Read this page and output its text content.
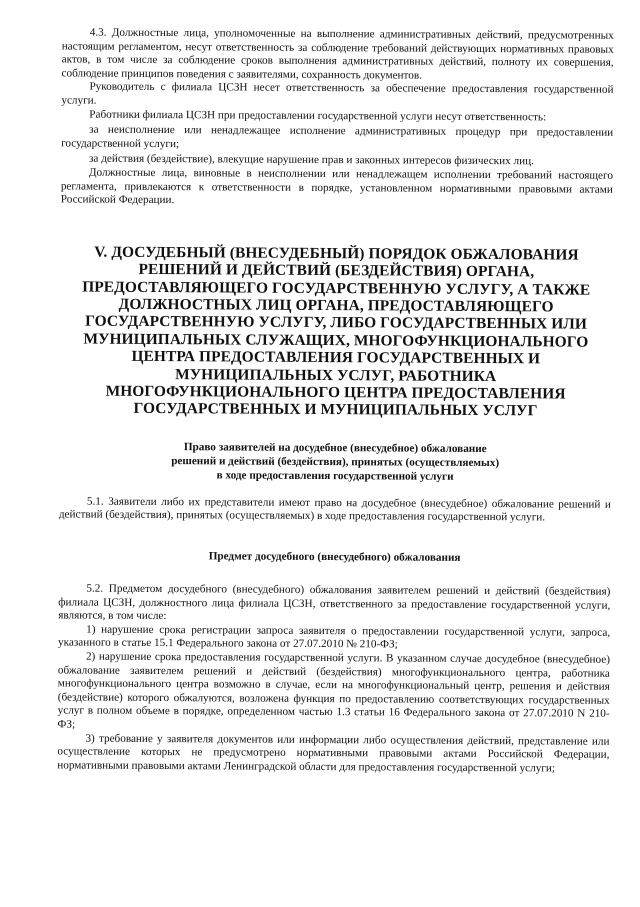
4.3. Должностные лица, уполномоченные на выполнение административных действий, предусмотренных настоящим регламентом, несут ответственность за соблюдение требований действующих нормативных правовых актов, в том числе за соблюдение сроков выполнения административных действий, полноту их совершения, соблюдение принципов поведения с заявителями, сохранность документов.

Руководитель с филиала ЦСЗН несет ответственность за обеспечение предоставления государственной услуги.

Работники филиала ЦСЗН при предоставлении государственной услуги несут ответственность:

за неисполнение или ненадлежащее исполнение административных процедур при предоставлении государственной услуги;

за действия (бездействие), влекущие нарушение прав и законных интересов физических лиц.

Должностные лица, виновные в неисполнении или ненадлежащем исполнении требований настоящего регламента, привлекаются к ответственности в порядке, установленном нормативными правовыми актами Российской Федерации.

V. ДОСУДЕБНЫЙ (ВНЕСУДЕБНЫЙ) ПОРЯДОК ОБЖАЛОВАНИЯ РЕШЕНИЙ И ДЕЙСТВИЙ (БЕЗДЕЙСТВИЯ) ОРГАНА, ПРЕДОСТАВЛЯЮЩЕГО ГОСУДАРСТВЕННУЮ УСЛУГУ, А ТАКЖЕ ДОЛЖНОСТНЫХ ЛИЦ ОРГАНА, ПРЕДОСТАВЛЯЮЩЕГО ГОСУДАРСТВЕННУЮ УСЛУГУ, ЛИБО ГОСУДАРСТВЕННЫХ ИЛИ МУНИЦИПАЛЬНЫХ СЛУЖАЩИХ, МНОГОФУНКЦИОНАЛЬНОГО ЦЕНТРА ПРЕДОСТАВЛЕНИЯ ГОСУДАРСТВЕННЫХ И МУНИЦИПАЛЬНЫХ УСЛУГ, РАБОТНИКА МНОГОФУНКЦИОНАЛЬНОГО ЦЕНТРА ПРЕДОСТАВЛЕНИЯ ГОСУДАРСТВЕННЫХ И МУНИЦИПАЛЬНЫХ УСЛУГ
Право заявителей на досудебное (внесудебное) обжалование
решений и действий (бездействия), принятых (осуществляемых)
в ходе предоставления государственной услуги

5.1. Заявители либо их представители имеют право на досудебное (внесудебное) обжалование решений и действий (бездействия), принятых (осуществляемых) в ходе предоставления государственной услуги.

Предмет досудебного (внесудебного) обжалования

5.2. Предметом досудебного (внесудебного) обжалования заявителем решений и действий (бездействия) филиала ЦСЗН, должностного лица филиала ЦСЗН, ответственного за предоставление государственной услуги, являются, в том числе:

1) нарушение срока регистрации запроса заявителя о предоставлении государственной услуги, запроса, указанного в статье 15.1 Федерального закона от 27.07.2010 № 210-ФЗ;

2) нарушение срока предоставления государственной услуги. В указанном случае досудебное (внесудебное) обжалование заявителем решений и действий (бездействия) многофункционального центра, работника многофункционального центра возможно в случае, если на многофункциональный центр, решения и действия (бездействие) которого обжалуются, возложена функция по предоставлению соответствующих государственных услуг в полном объеме в порядке, определенном частью 1.3 статьи 16 Федерального закона от 27.07.2010 N 210-ФЗ;

3) требование у заявителя документов или информации либо осуществления действий, представление или осуществление которых не предусмотрено нормативными правовыми актами Российской Федерации, нормативными правовыми актами Ленинградской области для предоставления государственной услуги;
